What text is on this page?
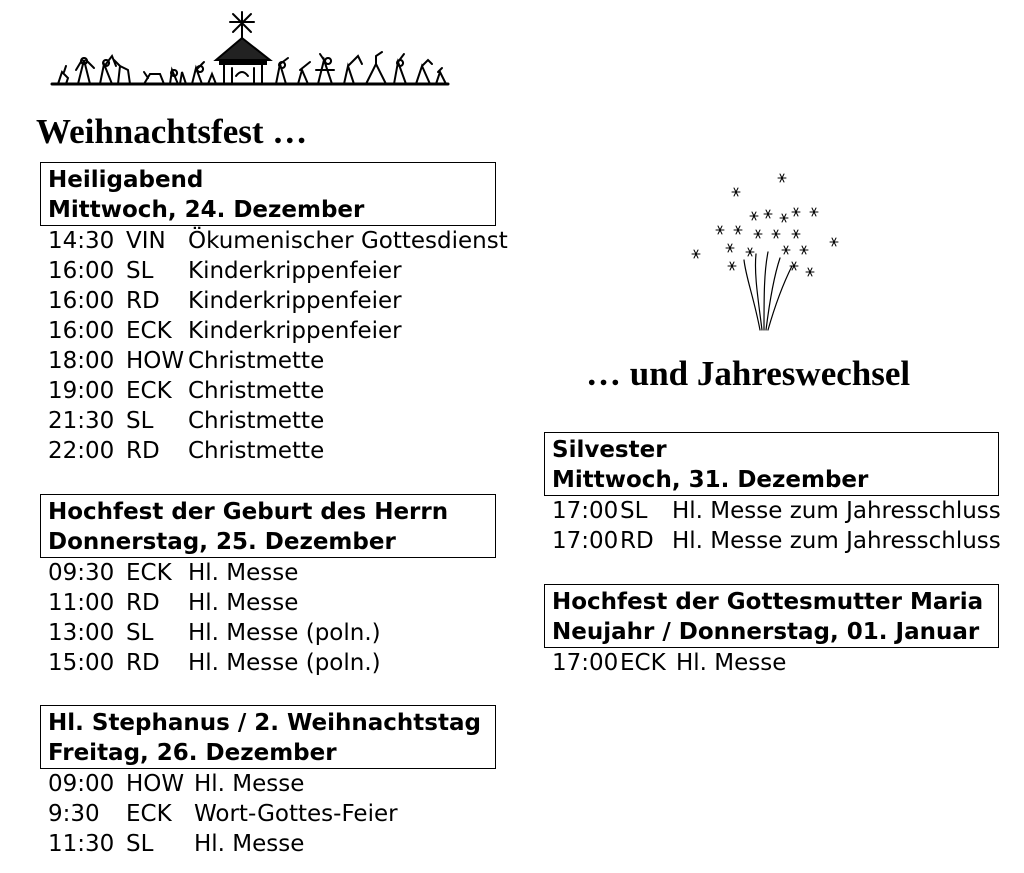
Weihnachtsfest …
… und Jahreswechsel
Heiligabend
Mittwoch, 24. Dezember
14:30 VIN Ökumenischer Gottesdienst
16:00 SL	Kinderkrippenfeier
16:00 RD	Kinderkrippenfeier
16:00 ECK Kinderkrippenfeier
18:00 HOW Christmette
19:00 ECK Christmette
21:30 SL	Christmette
22:00 RD	Christmette
Hochfest der Geburt des Herrn
Donnerstag, 25. Dezember
09:30 ECK Hl. Messe
11:00 RD	Hl. Messe
13:00 SL	Hl. Messe (poln.)
15:00 RD	Hl. Messe (poln.)
Hl. Stephanus / 2. Weihnachtstag
Freitag, 26. Dezember
09:00 HOW Hl. Messe
9:30	ECK Wort-Gottes-Feier
11:30 SL	Hl. Messe
Silvester
Mittwoch, 31. Dezember
17:00 SL	Hl. Messe zum Jahresschluss
17:00 RD Hl. Messe zum Jahresschluss
Hochfest der Gottesmutter Maria
Neujahr / Donnerstag, 01. Januar
17:00 ECK Hl. Messe
